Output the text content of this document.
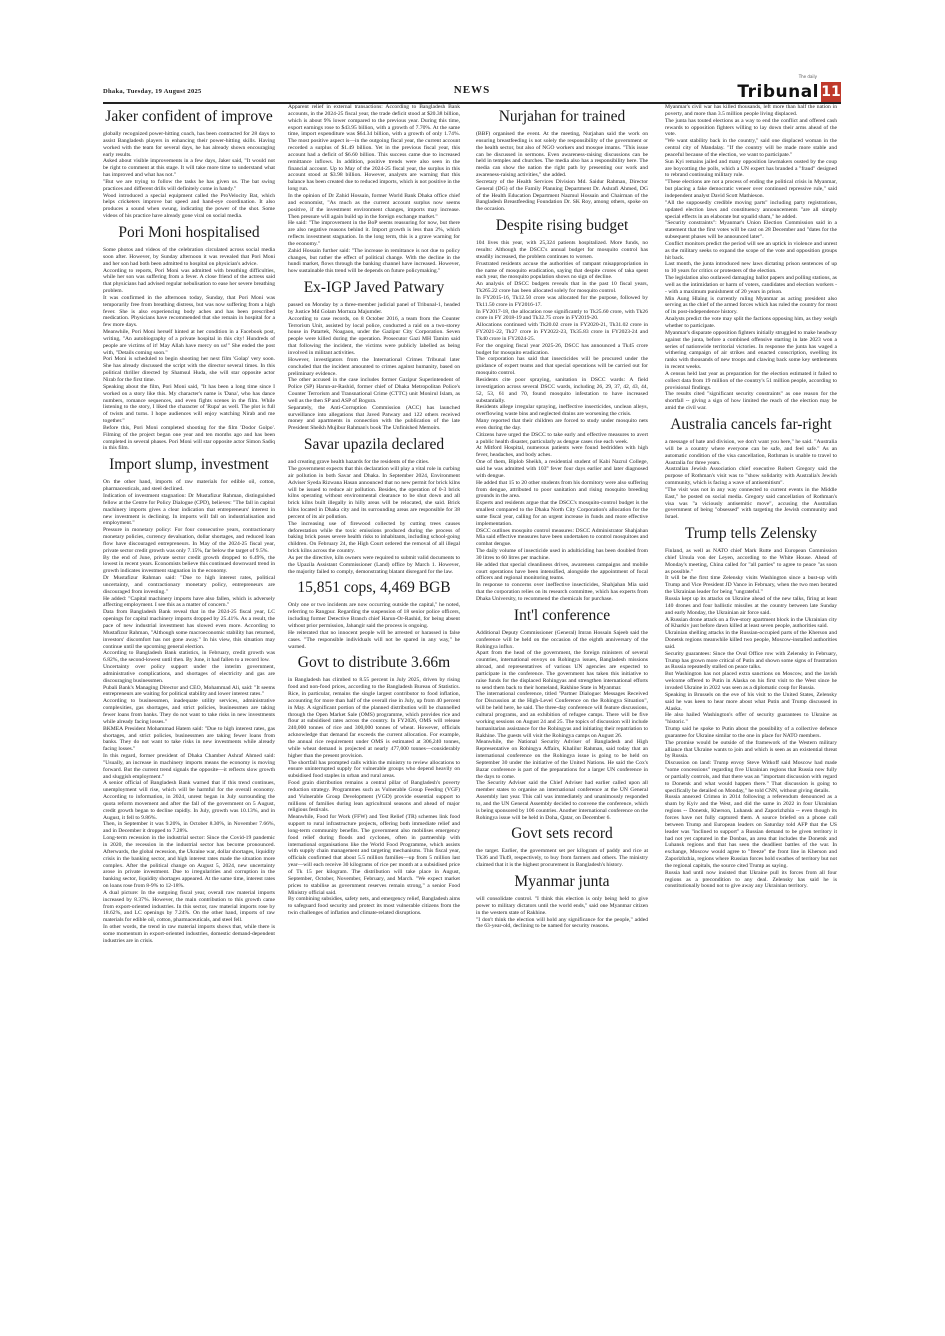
Dhaka, Tuesday, 19 August 2025	NEWS
The daily
Tribunal 11
Jaker confident of improve

globally recognized power-hitting coach, has been contracted for 28 days to assist Bangladesh players in enhancing their power-hitting skills. Having worked with the team for several days, he has already shown encouraging early results.
Asked about visible improvements in a few days, Jaker said, "It would not be right to comment at this stage. It will take more time to understand what has improved and what has not."
"But we are trying to follow the tasks he has given us. The bat swing practices and different drills will definitely come in handy."
Wood introduced a special equipment called the ProVelocity Bat, which helps cricketers improve bat speed and hand-eye coordination. It also produces a sound when swung, indicating the power of the shot. Some videos of his practice have already gone viral on social media.

Pori Moni hospitalised

Some photos and videos of the celebration circulated across social media soon after. However, by Sunday afternoon it was revealed that Pori Moni and her son had both been admitted to hospital on physician's advice.
According to reports, Pori Moni was admitted with breathing difficulties, while her son was suffering from a fever. A close friend of the actress said that physicians had advised regular nebulisation to ease her severe breathing problem.
It was confirmed in the afternoon today, Sunday, that Pori Moni was temporarily free from breathing distress, but was now suffering from a high fever. She is also experiencing body aches and has been prescribed medication. Physicians have recommended that she remain in hospital for a few more days.
Meanwhile, Pori Moni herself hinted at her condition in a Facebook post, writing, "An autobiography of a private hospital in this city! Hundreds of people are victims of it! May Allah have mercy on us!" She ended the post with, "Details coming soon."
Pori Moni is scheduled to begin shooting her next film 'Golap' very soon. She has already discussed the script with the director several times. In this political thriller directed by Shamsul Huda, she will star opposite actor Nirab for the first time.
Speaking about the film, Pori Moni said, "It has been a long time since I worked on a story like this. My character's name is 'Dana', who has dance numbers, romance sequences, and even fights scenes in the film. While listening to the story, I liked the character of 'Rupa' as well. The plot is full of twists and turns. I hope audiences will enjoy watching Nirab and me together."
Before this, Pori Moni completed shooting for the film 'Dodor Golpo'. Filming of the project began one year and ten months ago and has been completed in several phases. Pori Moni will star opposite actor Simon Sadiq in this film.

Import slump, investment

On the other hand, imports of raw materials for edible oil, cotton, pharmaceuticals, and steel declined.
Indication of investment stagnation: Dr Mustafizur Rahman, distinguished fellow at the Centre for Policy Dialogue (CPD), believes: "The fall in capital machinery imports gives a clear indication that entrepreneurs' interest in new investment is declining. In imports will fall on industrialisation and employment."
Pressure in monetary policy: For four consecutive years, contractionary monetary policies, currency devaluation, dollar shortages, and reduced loan flow have discouraged entrepreneurs. In May of the 2024-25 fiscal year, private sector credit growth was only 7.15%, far below the target of 9.5%.
By the end of June, private sector credit growth dropped to 6.49%, the lowest in recent years. Economists believe this continued downward trend in growth indicates investment stagnation in the economy.
Dr Mustafizur Rahman said: "Due to high interest rates, political uncertainty, and contractionary monetary policy, entrepreneurs are discouraged from investing."
He added: "Capital machinery imports have also fallen, which is adversely affecting employment. I see this as a matter of concern."
Data from Bangladesh Bank reveal that in the 2024-25 fiscal year, LC openings for capital machinery imports dropped by 25.41%. As a result, the pace of new industrial investment has slowed even more. According to Mustafizur Rahman, "Although some macroeconomic stability has returned, investors' discomfort has not gone away." In his view, this situation may continue until the upcoming general election.
According to Bangladesh Bank statistics, in February, credit growth was 6.82%, the second-lowest until then. By June, it had fallen to a record low.
Uncertainty over policy support under the interim government, administrative complications, and shortages of electricity and gas are discouraging businessmen.
Pubali Bank's Managing Director and CEO, Mohammad Ali, said: "It seems entrepreneurs are waiting for political stability and lower interest rates."
According to businessmen, inadequate utility services, administrative complexities, gas shortages, and strict policies, businessmen are taking fewer loans from banks. They do not want to take risks in new investments while already facing losses."
BKMEA President Mohammad Hatem said: "Due to high interest rates, gas shortages, and strict policies, businessmen are taking fewer loans from banks. They do not want to take risks in new investments while already facing losses."
In this regard, former president of Dhaka Chamber Ashraf Ahmed said: "Usually, an increase in machinery imports means the economy is moving forward. But the current trend signals the opposite—it reflects slow growth and sluggish employment."
A senior official of Bangladesh Bank warned that if this trend continues, unemployment will rise, which will be harmful for the overall economy. According to information, in 2024, unrest began in July surrounding the quota reform movement and after the fall of the government on 5 August, credit growth began to decline rapidly. In July, growth was 10.13%, and in August, it fell to 9.86%.
Then, in September it was 9.20%, in October 8.30%, in November 7.66%, and in December it dropped to 7.28%.
Long-term recession in the industrial sector: Since the Covid-19 pandemic in 2020, the recession in the industrial sector has become pronounced. Afterwards, the global recession, the Ukraine war, dollar shortages, liquidity crisis in the banking sector, and high interest rates made the situation more complex. After the political change on August 5, 2024, new uncertainty arose in private investment. Due to irregularities and corruption in the banking sector, liquidity shortages appeared. At the same time, interest rates on loans rose from 8-9% to 12-18%.
A dual picture: In the outgoing fiscal year, overall raw material imports increased by 8.37%. However, the main contribution to this growth came from export-oriented industries. In this sector, raw material imports rose by 18.62%, and LC openings by 7.24%. On the other hand, imports of raw materials for edible oil, cotton, pharmaceuticals, and steel fell.
In other words, the trend in raw material imports shows that, while there is some momentum in export-oriented industries, domestic demand-dependent industries are in crisis.

Apparent relief in external transactions: According to Bangladesh Bank accounts, in the 2024-25 fiscal year, the trade deficit stood at $20.38 billion, which is about 9% lower compared to the previous year. During this time, export earnings rose to $43.95 billion, with a growth of 7.70%. At the same time, import expenditure was $64.34 billion, with a growth of only 1.74%. The most positive aspect is—in the outgoing fiscal year, the current account recorded a surplus of $1.49 billion. Yet in the previous fiscal year, this account had a deficit of $6.60 billion. This success came due to increased remittance inflows. In addition, positive trends were also seen in the financial account. Up to May of the 2024-25 fiscal year, the surplus in this account stood at $3.98 billion. However, analysts are warning that this balance has been created due to reduced imports, which is not positive in the long run.
In the opinion of Dr Zahid Hossain, former World Bank Dhaka office chief and economist, "As much as the current account surplus now seems positive, if the investment environment changes, imports may increase. Then pressure will again build up in the foreign exchange market."
He said: "The improvement in the BoP seems reassuring for now, but there are also negative reasons behind it. Import growth is less than 2%, which reflects investment stagnation. In the long term, this is a grave warning for the economy."
Zahid Hossain further said: "The increase in remittance is not due to policy changes, but rather the effect of political change. With the decline in the hundi market, flows through the banking channel have increased. However, how sustainable this trend will be depends on future policymaking."

Ex-IGP Javed Patwary

passed on Monday by a three-member judicial panel of Tribunal-1, headed by Justice Md Golam Mortuza Majumder.
According to case records, on 8 October 2016, a team from the Counter Terrorism Unit, assisted by local police, conducted a raid on a two-storey house in Patartek, Noagaon, under the Gazipur City Corporation. Seven people were killed during the operation. Prosecutor Gazi MH Tamim said that following the incident, the victims were publicly labelled as being involved in militant activities.
However, investigators from the International Crimes Tribunal later concluded that the incident amounted to crimes against humanity, based on preliminary evidence.
The other accused in the case includes former Gazipur Superintendent of Police (SP) Harun-ar-Rashid, former chief of Dhaka Metropolitan Police's Counter Terrorism and Transnational Crime (CTTC) unit Monirul Islam, as well as the then SP and ASP of Bogura.
Separately, the Anti-Corruption Commission (ACC) has launched surveillance into allegations that Javed Patwary and 122 others received money and apartments in connection with the publication of the late President Sheikh Mujibur Rahman's book The Unfinished Memoirs.

Savar upazila declared

and creating grave health hazards for the residents of the cities.
The government expects that this declaration will play a vital role in curbing air pollution in both Savar and Dhaka. In September 2024, Environment Adviser Syeda Rizwana Hasan announced that no new permit for brick kilns will be issued to reduce air pollution. Besides, the operation of 0-3 brick kilns operating without environmental clearance to be shut down and all brick kilns built illegally in hilly areas will be relocated, she said. Brick kilns located in Dhaka city and its surrounding areas are responsible for 38 percent of its air pollution.
The increasing use of firewood collected by cutting trees causes deforestation while the toxic emissions produced during the process of baking brick poses severe health risks to inhabitants, including school-going children. On February 24, the High Court ordered the removal of all illegal brick kilns across the country.
As per the directive, kiln owners were required to submit valid documents to the Upazila Assistant Commissioner (Land) office by March 1. However, the majority failed to comply, demonstrating blatant disregard for the law.

15,851 cops, 4,469 BGB

Only one or two incidents are now occurring outside the capital," he noted, referring to Rangpur. Regarding the suspension of 18 senior police officers, including former Detective Branch chief Harun-Or-Rashid, for being absent without prior permission, Jahangir said the process is ongoing.
He reiterated that no innocent people will be arrested or harassed in false cases. "The responsible individuals will not be spared in any way," he warned.

Govt to distribute 3.66m

in Bangladesh has climbed to 8.55 percent in July 2025, driven by rising food and non-food prices, according to the Bangladesh Bureau of Statistics. Rice, in particular, remains the single largest contributor to food inflation, accounting for more than half of the overall rise in July, up from 40 percent in May. A significant portion of the planned distribution will be channelled through the Open Market Sale (OMS) programme, which provides rice and flour at subsidised rates across the country. In FY2026, OMS will release 240,000 tonnes of rice and 300,000 tonnes of wheat. However, officials acknowledge that demand far exceeds the current allocation. For example, the annual rice requirement under OMS is estimated at 306,240 tonnes, while wheat demand is projected at nearly 477,000 tonnes—considerably higher than the present provision.
The shortfall has prompted calls within the ministry to review allocations to ensure uninterrupted supply for vulnerable groups who depend heavily on subsidised food staples in urban and rural areas.
Food grain distribution remains a central pillar of Bangladesh's poverty reduction strategy. Programmes such as Vulnerable Group Feeding (VGF) and Vulnerable Group Development (VGD) provide essential support to millions of families during lean agricultural seasons and ahead of major religious festivals.
Meanwhile, Food for Work (FFW) and Test Relief (TR) schemes link food support to rural infrastructure projects, offering both immediate relief and long-term community benefits. The government also mobilises emergency food relief during floods and cyclones, often in partnership with international organisations like the World Food Programme, which assists with supply chain management and targeting mechanisms. This fiscal year, officials confirmed that about 5.5 million families—up from 5 million last year—will each receive 30 kilograms of rice per month at a subsidised price of Tk 15 per kilogram. The distribution will take place in August, September, October, November, February, and March. "We expect market prices to stabilise as government reserves remain strong," a senior Food Ministry official said.
By combining subsidies, safety nets, and emergency relief, Bangladesh aims to safeguard food security and protect its most vulnerable citizens from the twin challenges of inflation and climate-related disruptions.

Nurjahan for trained

(BBF) organised the event. At the meeting, Nurjahan said the work on ensuring breastfeeding is not solely the responsibility of the government or the health sector, but also of NGO workers and mosque imams. "This issue can be discussed in sermons. Even awareness-raising discussions can be held in temples and churches. The media also has a responsibility here. The media can show the nation the right path by presenting our work and awareness-raising activities," she added.
Secretary of the Health Services Division Md. Saidur Rahman, Director General (DG) of the Family Planning Department Dr. Ashrafi Ahmed, DG of the Health Education Department Nazmul Hossain and Chairman of the Bangladesh Breastfeeding Foundation Dr. SK Roy, among others, spoke on the occasion.

Despite rising budget

104 lives this year, with 25,324 patients hospitalized. More funds, no results: Although the DSCC's annual budget for mosquito control has steadily increased, the problem continues to worsen.
Frustrated residents accuse the authorities of rampant misappropriation in the name of mosquito eradication, saying that despite crores of taka spent each year, the mosquito population shows no sign of decline.
An analysis of DSCC budgets reveals that in the past 10 fiscal years, Tk265.22 crore has been allocated solely for mosquito control.
In FY2015-16, Tk12.50 crore was allocated for the purpose, followed by Tk11.50 crore in FY2016-17.
In FY2017-18, the allocation rose significantly to Tk25.60 crore, with Tk26 crore in FY 2018-19 and Tk32.75 crore in FY2019-20.
Allocations continued with Tk20.02 crore in FY2020-21, Tk31.02 crore in FY2021-22, Tk27 crore in FY2022-23, Tk35.83 crore in FY2023-24 and Tk40 crore in FY2024-25.
For the ongoing fiscal year 2025-26, DSCC has announced a Tk45 crore budget for mosquito eradication.
The corporation has said that insecticides will be procured under the guidance of expert teams and that special operations will be carried out for mosquito control.
Residents cite poor spraying, sanitation in DSCC wards: A field investigation across several DSCC wards, including 26, 29, 37, 42, 43, 44, 52, 53, 61 and 70, found mosquito infestation to have increased substantially.
Residents allege irregular spraying, ineffective insecticides, unclean alleys, overflowing waste bins and neglected drains are worsening the crisis.
Many reported that their children are forced to study under mosquito nets even during the day.
Citizens have urged the DSCC to take early and effective measures to avert a public health disaster, particularly as dengue cases rise each week.
At Mitford Hospital, numerous patients were found bedridden with high fever, headaches, and body aches.
One of them, Biplob Sheikh, a residential student of Kabi Nazrul College, said he was admitted with 103° fever four days earlier and later diagnosed with dengue.
He added that 15 to 20 other students from his dormitory were also suffering from dengue, attributed to poor sanitation and rising mosquito breeding grounds in the area.
Experts and residents argue that the DSCC's mosquito-control budget is the smallest compared to the Dhaka North City Corporation's allocation for the same fiscal year, calling for an urgent increase in funds and more effective implementation.
DSCC outlines mosquito control measures: DSCC Administrator Shahjahan Mia said effective measures have been undertaken to control mosquitoes and combat dengue.
The daily volume of insecticide used in adulticiding has been doubled from 30 litres to 60 litres per machine.
He added that special cleanliness drives, awareness campaigns and mobile court operations have been intensified, alongside the appointment of focal officers and regional monitoring teams.
In response to concerns over ineffective insecticides, Shahjahan Mia said that the corporation relies on its research committee, which has experts from Dhaka University, to recommend the chemicals for purchase.

Int'l conference

Additional Deputy Commissioner (General) Imran Hossain Sajeeb said the conference will be held on the occasion of the eighth anniversary of the Rohingya influx.
Apart from the head of the government, the foreign ministers of several countries, international envoys on Rohingya issues, Bangladesh missions abroad, and representatives of various UN agencies are expected to participate in the conference. The government has taken this initiative to raise funds for the displaced Rohingyas and strengthen international efforts to send them back to their homeland, Rakhine State in Myanmar.
The international conference, titled "Partner Dialogue: Messages Received for Discussion at the High-Level Conference on the Rohingya Situation", will be held here, he said. The three-day conference will feature discussions, cultural programs, and an exhibition of refugee camps. There will be five working sessions on August 24 and 25. The topics of discussion will include humanitarian assistance for the Rohingyas and initiating their repatriation to Rakhine. The guests will visit the Rohingya camps on August 26.
Meanwhile, the National Security Adviser of Bangladesh and High Representative on Rohingya Affairs, Khalilur Rahman, said today that an international conference on the Rohingya issue is going to be held on September 30 under the initiative of the United Nations. He said the Cox's Bazar conference is part of the preparations for a larger UN conference in the days to come.
The Security Adviser said the Chief Adviser had earlier called upon all member states to organise an international conference at the UN General Assembly last year. This call was immediately and unanimously responded to, and the UN General Assembly decided to convene the conference, which is being sponsored by 106 countries. Another international conference on the Rohingya issue will be held in Doha, Qatar, on December 6.

Govt sets record

the target. Earlier, the government set per kilogram of paddy and rice at Tk36 and Tk49, respectively, to buy from farmers and others. The ministry claimed that it is the highest procurement in Bangladesh's history.

Myanmar junta

will consolidate control. "I think this election is only being held to give power to military dictators until the world ends," said one Myanmar citizen in the western state of Rakhine.
"I don't think the election will hold any significance for the people," added the 63-year-old, declining to be named for security reasons.

Myanmar's civil war has killed thousands, left more than half the nation in poverty, and more than 3.5 million people living displaced.
The junta has touted elections as a way to end the conflict and offered cash rewards to opposition fighters willing to lay down their arms ahead of the vote.
"We want stability back in the country," said one displaced woman in the central city of Mandalay. "If the country will be made more stable and peaceful because of the election, we want to participate."
Sun Kyi remains jailed and many opposition lawmakers ousted by the coup are boycotting the polls, which a UN expert has branded a "fraud" designed to rebrand continuing military rule.
"These elections are not a process of ending the political crisis in Myanmar, but placing a fake democratic veneer over continued repressive rule," said independent analyst David Scott Mathieson.
"All the supposedly credible moving parts" including party registrations, updated election laws and constituency announcements "are all simply special effects in an elaborate but squalid sham," he added.
"Security constraints": Myanmar's Union Election Commission said in a statement that the first votes will be cast on 28 December and "dates for the subsequent phases will be announced later".
Conflict monitors predict the period will see an uptick in violence and unrest as the military seeks to expand the scope of the vote and opposition groups hit back.
Last month, the junta introduced new laws dictating prison sentences of up to 10 years for critics or protesters of the election.
The legislation also outlawed damaging ballot papers and polling stations, as well as the intimidation or harm of voters, candidates and election workers -- with a maximum punishment of 20 years in prison.
Min Aung Hlaing is currently ruling Myanmar as acting president also serving as the chief of the armed forces which has ruled the country for most of its post-independence history.
Analysts predict the vote may split the factions opposing him, as they weigh whether to participate.
Myanmar's disparate opposition fighters initially struggled to make headway against the junta, before a combined offensive starting in late 2023 won a series of nationwide territorial victories. In response the junta has waged a withering campaign of air strikes and enacted conscription, swelling its ranks with thousands of new troops and clawing back some key settlements in recent weeks.
A census held last year as preparation for the election estimated it failed to collect data from 19 million of the country's 51 million people, according to provisional findings.
The results cited "significant security constraints" as one reason for the shortfall -- giving a sign of how limited the reach of the election may be amid the civil war.

Australia cancels far-right

a message of hate and division, we don't want you here," he said. "Australia will be a country where everyone can be safe, and feel safe." As an automatic condition of the visa cancellation, Rothman is unable to travel to Australia for three years.
Australian Jewish Association chief executive Robert Gregory said the purpose of Rothman's visit was to "show solidarity with Australia's Jewish community, which is facing a wave of antisemitism".
"The visit was not in any way connected to current events in the Middle East," he posted on social media. Gregory said cancellation of Rothman's visa was "a viciously antisemitic move", accusing the Australian government of being "obsessed" with targeting the Jewish community and Israel.

Trump tells Zelensky

Finland, as well as NATO chief Mark Rutte and European Commission chief Ursula von der Leyen, according to the White House. Ahead of Monday's meeting, China called for "all parties" to agree to peace "as soon as possible."
It will be the first time Zelensky visits Washington since a bust-up with Trump and Vice President JD Vance in February, when the two men berated the Ukrainian leader for being "ungrateful."
Russia kept up its attacks on Ukraine ahead of the new talks, firing at least 140 drones and four ballistic missiles at the country between late Sunday and early Monday, the Ukrainian air force said.
A Russian drone attack on a five-story apartment block in the Ukrainian city of Kharkiv just before dawn killed at least seven people, authorities said.
Ukrainian shelling attacks in the Russian-occupied parts of the Kherson and Donetsk regions meanwhile killed two people, Moscow-installed authorities said.
Security guarantees: Since the Oval Office row with Zelensky in February, Trump has grown more critical of Putin and shown some signs of frustration as Russia repeatedly stalled on peace talks.
But Washington has not placed extra sanctions on Moscow, and the lavish welcome offered to Putin in Alaska on his first visit to the West since he invaded Ukraine in 2022 was seen as a diplomatic coup for Russia.
Speaking in Brussels on the eve of his visit to the United States, Zelensky said he was keen to hear more about what Putin and Trump discussed in Alaska.
He also hailed Washington's offer of security guarantees to Ukraine as "historic."
Trump said he spoke to Putin about the possibility of a collective defence guarantee for Ukraine similar to the one in place for NATO members.
The promise would be outside of the framework of the Western military alliance that Ukraine wants to join and which is seen as an existential threat by Russia.
Discussion on land: Trump envoy Steve Witkoff said Moscow had made "some concessions" regarding five Ukrainian regions that Russia now fully or partially controls, and that there was an "important discussion with regard to Donetsk and what would happen there." That discussion is going to specifically be detailed on Monday," he told CNN, without giving details.
Russia annexed Crimea in 2014 following a referendum denounced as a sham by Kyiv and the West, and did the same in 2022 in four Ukrainian regions -- Donetsk, Kherson, Luhansk and Zaporizhzhia -- even though its forces have not fully captured them. A source briefed on a phone call between Trump and European leaders on Saturday told AFP that the US leader was "inclined to support" a Russian demand to be given territory it had not yet captured in the Donbas, an area that includes the Donetsk and Luhansk regions and that has seen the deadliest battles of the war. In exchange, Moscow would agree to "freeze" the front line in Kherson and Zaporizhzhia, regions where Russian forces hold swathes of territory but not the regional capitals, the source cited Trump as saying.
Russia had until now insisted that Ukraine pull its forces from all four regions as a precondition to any deal. Zelensky has said he is constitutionally bound not to give away any Ukrainian territory.
